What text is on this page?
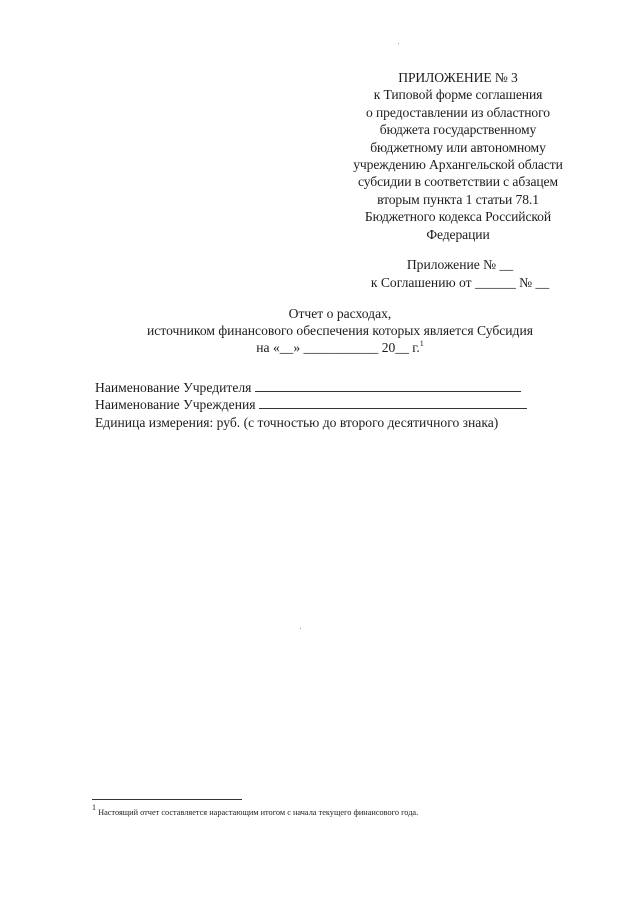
ПРИЛОЖЕНИЕ № 3
к Типовой форме соглашения
о предоставлении из областного
бюджета государственному
бюджетному или автономному
учреждению Архангельской области
субсидии в соответствии с абзацем
вторым пункта 1 статьи 78.1
Бюджетного кодекса Российской
Федерации
Приложение № __
к Соглашению от ______ № __
Отчет о расходах,
источником финансового обеспечения которых является Субсидия
на «__» ___________ 20__ г.$^1$
Наименование Учредителя
Наименование Учреждения
Единица измерения: руб. (с точностью до второго десятичного знака)
$^1$ Настоящий отчет составляется нарастающим итогом с начала текущего финансового года.
